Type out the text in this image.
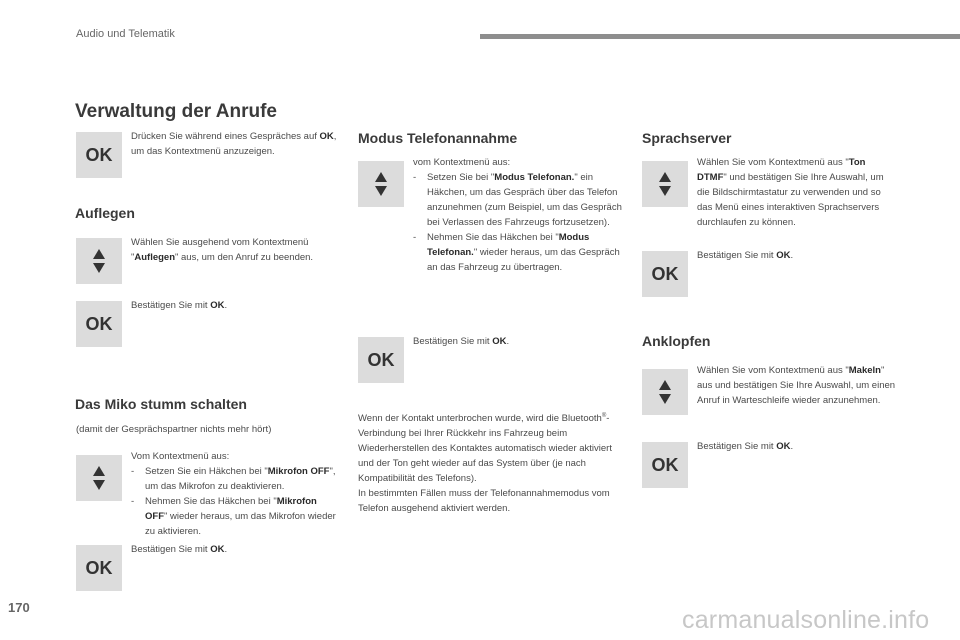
Audio und Telematik
Verwaltung der Anrufe
OK
Drücken Sie während eines Gespräches auf OK, um das Kontextmenü anzuzeigen.
Auflegen
Wählen Sie ausgehend vom Kontextmenü "Auflegen" aus, um den Anruf zu beenden.
OK
Bestätigen Sie mit OK.
Das Miko stumm schalten
(damit der Gesprächspartner nichts mehr hört)
Vom Kontextmenü aus:
- Setzen Sie ein Häkchen bei "Mikrofon OFF", um das Mikrofon zu deaktivieren.
- Nehmen Sie das Häkchen bei "Mikrofon OFF" wieder heraus, um das Mikrofon wieder zu aktivieren.
OK
Bestätigen Sie mit OK.
Modus Telefonannahme
vom Kontextmenü aus:
- Setzen Sie bei "Modus Telefonan." ein Häkchen, um das Gespräch über das Telefon anzunehmen (zum Beispiel, um das Gespräch bei Verlassen des Fahrzeugs fortzusetzen).
- Nehmen Sie das Häkchen bei "Modus Telefonan." wieder heraus, um das Gespräch an das Fahrzeug zu übertragen.
OK
Bestätigen Sie mit OK.
Wenn der Kontakt unterbrochen wurde, wird die Bluetooth®-Verbindung bei Ihrer Rückkehr ins Fahrzeug beim Wiederherstellen des Kontaktes automatisch wieder aktiviert und der Ton geht wieder auf das System über (je nach Kompatibilität des Telefons).
In bestimmten Fällen muss der Telefonannahmemodus vom Telefon ausgehend aktiviert werden.
Sprachserver
Wählen Sie vom Kontextmenü aus "Ton DTMF" und bestätigen Sie Ihre Auswahl, um die Bildschirmtastatur zu verwenden und so das Menü eines interaktiven Sprachservers durchlaufen zu können.
OK
Bestätigen Sie mit OK.
Anklopfen
Wählen Sie vom Kontextmenü aus "Makeln" aus und bestätigen Sie Ihre Auswahl, um einen Anruf in Warteschleife wieder anzunehmen.
OK
Bestätigen Sie mit OK.
170	carmanualsonline.info
